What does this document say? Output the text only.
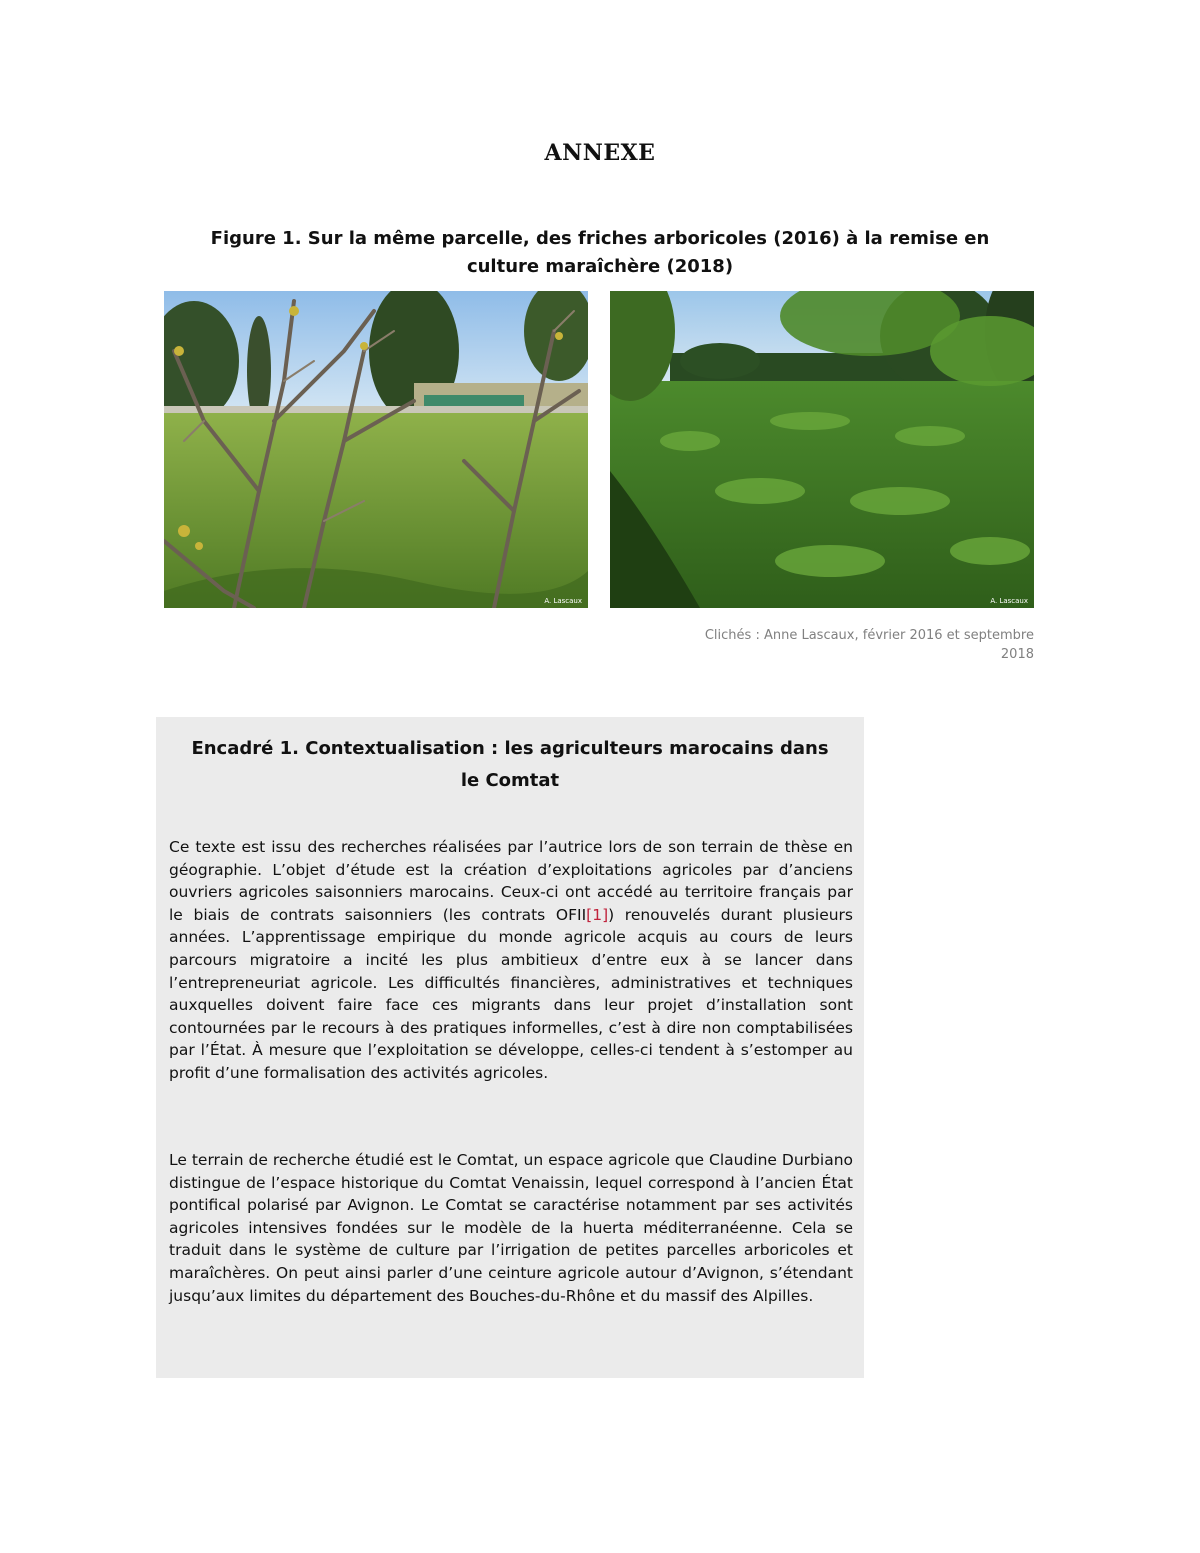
ANNEXE
Figure 1. Sur la même parcelle, des friches arboricoles (2016) à la remise en
culture maraîchère (2018)
A. Lascaux	A. Lascaux
Clichés : Anne Lascaux, février 2016 et septembre
2018
Encadré 1. Contextualisation : les agriculteurs marocains dans
le Comtat

Ce texte est issu des recherches réalisées par l’autrice lors de son terrain de thèse en géographie. L’objet d’étude est la création d’exploitations agricoles par d’anciens ouvriers agricoles saisonniers marocains. Ceux-ci ont accédé au territoire français par le biais de contrats saisonniers (les contrats OFII[1]) renouvelés durant plusieurs années. L’apprentissage empirique du monde agricole acquis au cours de leurs parcours migratoire a incité les plus ambitieux d’entre eux à se lancer dans l’entrepreneuriat agricole. Les difficultés financières, administratives et techniques auxquelles doivent faire face ces migrants dans leur projet d’installation sont contournées par le recours à des pratiques informelles, c’est à dire non comptabilisées par l’État. À mesure que l’exploitation se développe, celles-ci tendent à s’estomper au profit d’une formalisation des activités agricoles.

Le terrain de recherche étudié est le Comtat, un espace agricole que Claudine Durbiano distingue de l’espace historique du Comtat Venaissin, lequel correspond à l’ancien État pontifical polarisé par Avignon. Le Comtat se caractérise notamment par ses activités agricoles intensives fondées sur le modèle de la huerta méditerranéenne. Cela se traduit dans le système de culture par l’irrigation de petites parcelles arboricoles et maraîchères. On peut ainsi parler d’une ceinture agricole autour d’Avignon, s’étendant jusqu’aux limites du département des Bouches-du-Rhône et du massif des Alpilles.
